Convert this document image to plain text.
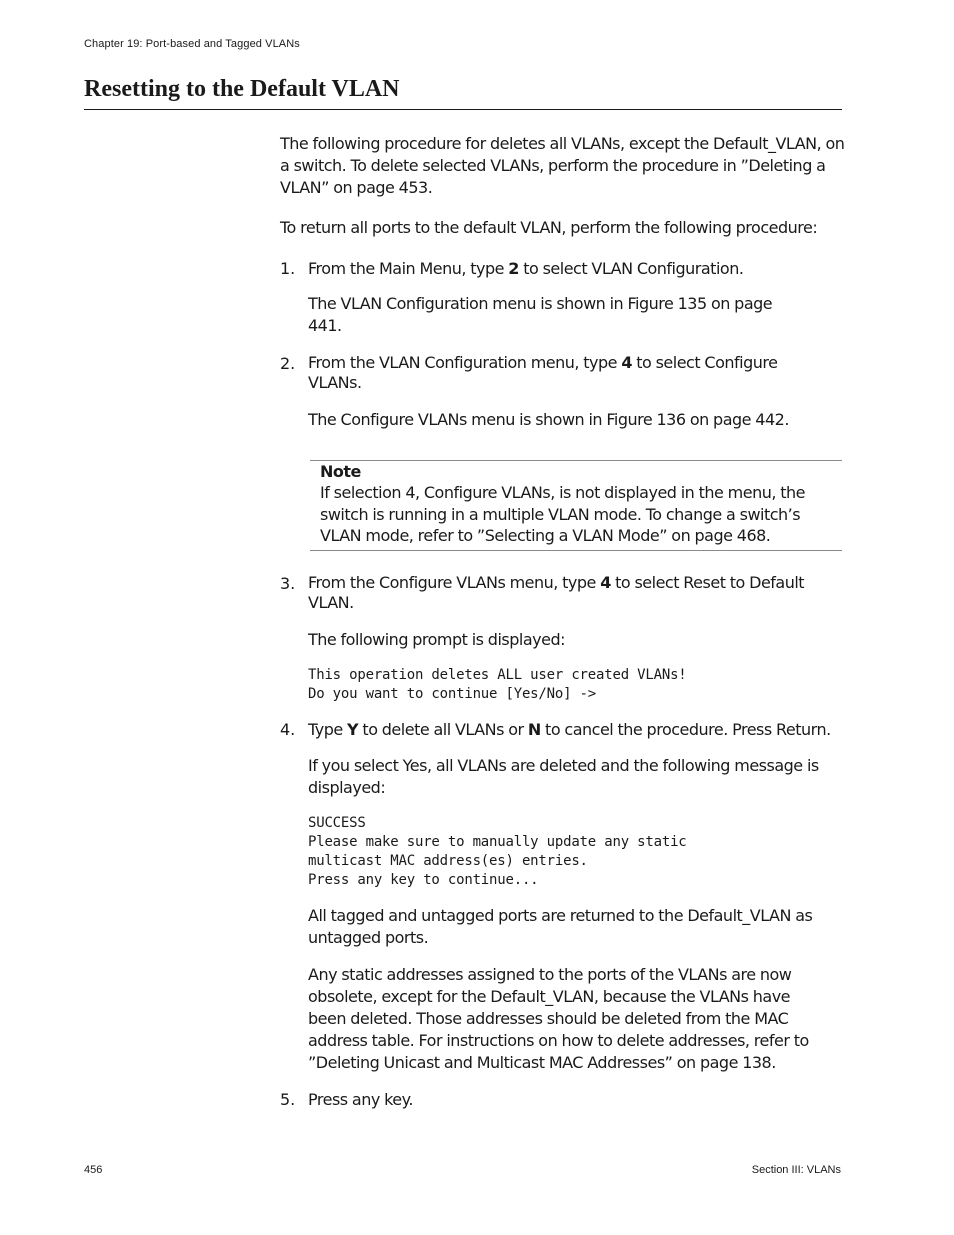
Chapter 19: Port-based and Tagged VLANs
Resetting to the Default VLAN

The following procedure for deletes all VLANs, except the Default_VLAN, on a switch. To delete selected VLANs, perform the procedure in ”Deleting a VLAN” on page 453.

To return all ports to the default VLAN, perform the following procedure:

1. From the Main Menu, type 2 to select VLAN Configuration.

The VLAN Configuration menu is shown in Figure 135 on page 441.

2. From the VLAN Configuration menu, type 4 to select Configure VLANs.

The Configure VLANs menu is shown in Figure 136 on page 442.

Note

If selection 4, Configure VLANs, is not displayed in the menu, the switch is running in a multiple VLAN mode. To change a switch’s VLAN mode, refer to ”Selecting a VLAN Mode” on page 468.

3. From the Configure VLANs menu, type 4 to select Reset to Default VLAN.

The following prompt is displayed:

This operation deletes ALL user created VLANs!

Do you want to continue [Yes/No] ->

4. Type Y to delete all VLANs or N to cancel the procedure. Press Return.

If you select Yes, all VLANs are deleted and the following message is displayed:

SUCCESS

Please make sure to manually update any static

multicast MAC address(es) entries.

Press any key to continue...

All tagged and untagged ports are returned to the Default_VLAN as untagged ports.

Any static addresses assigned to the ports of the VLANs are now obsolete, except for the Default_VLAN, because the VLANs have been deleted. Those addresses should be deleted from the MAC address table. For instructions on how to delete addresses, refer to ”Deleting Unicast and Multicast MAC Addresses” on page 138.

5. Press any key.

456	Section III: VLANs
